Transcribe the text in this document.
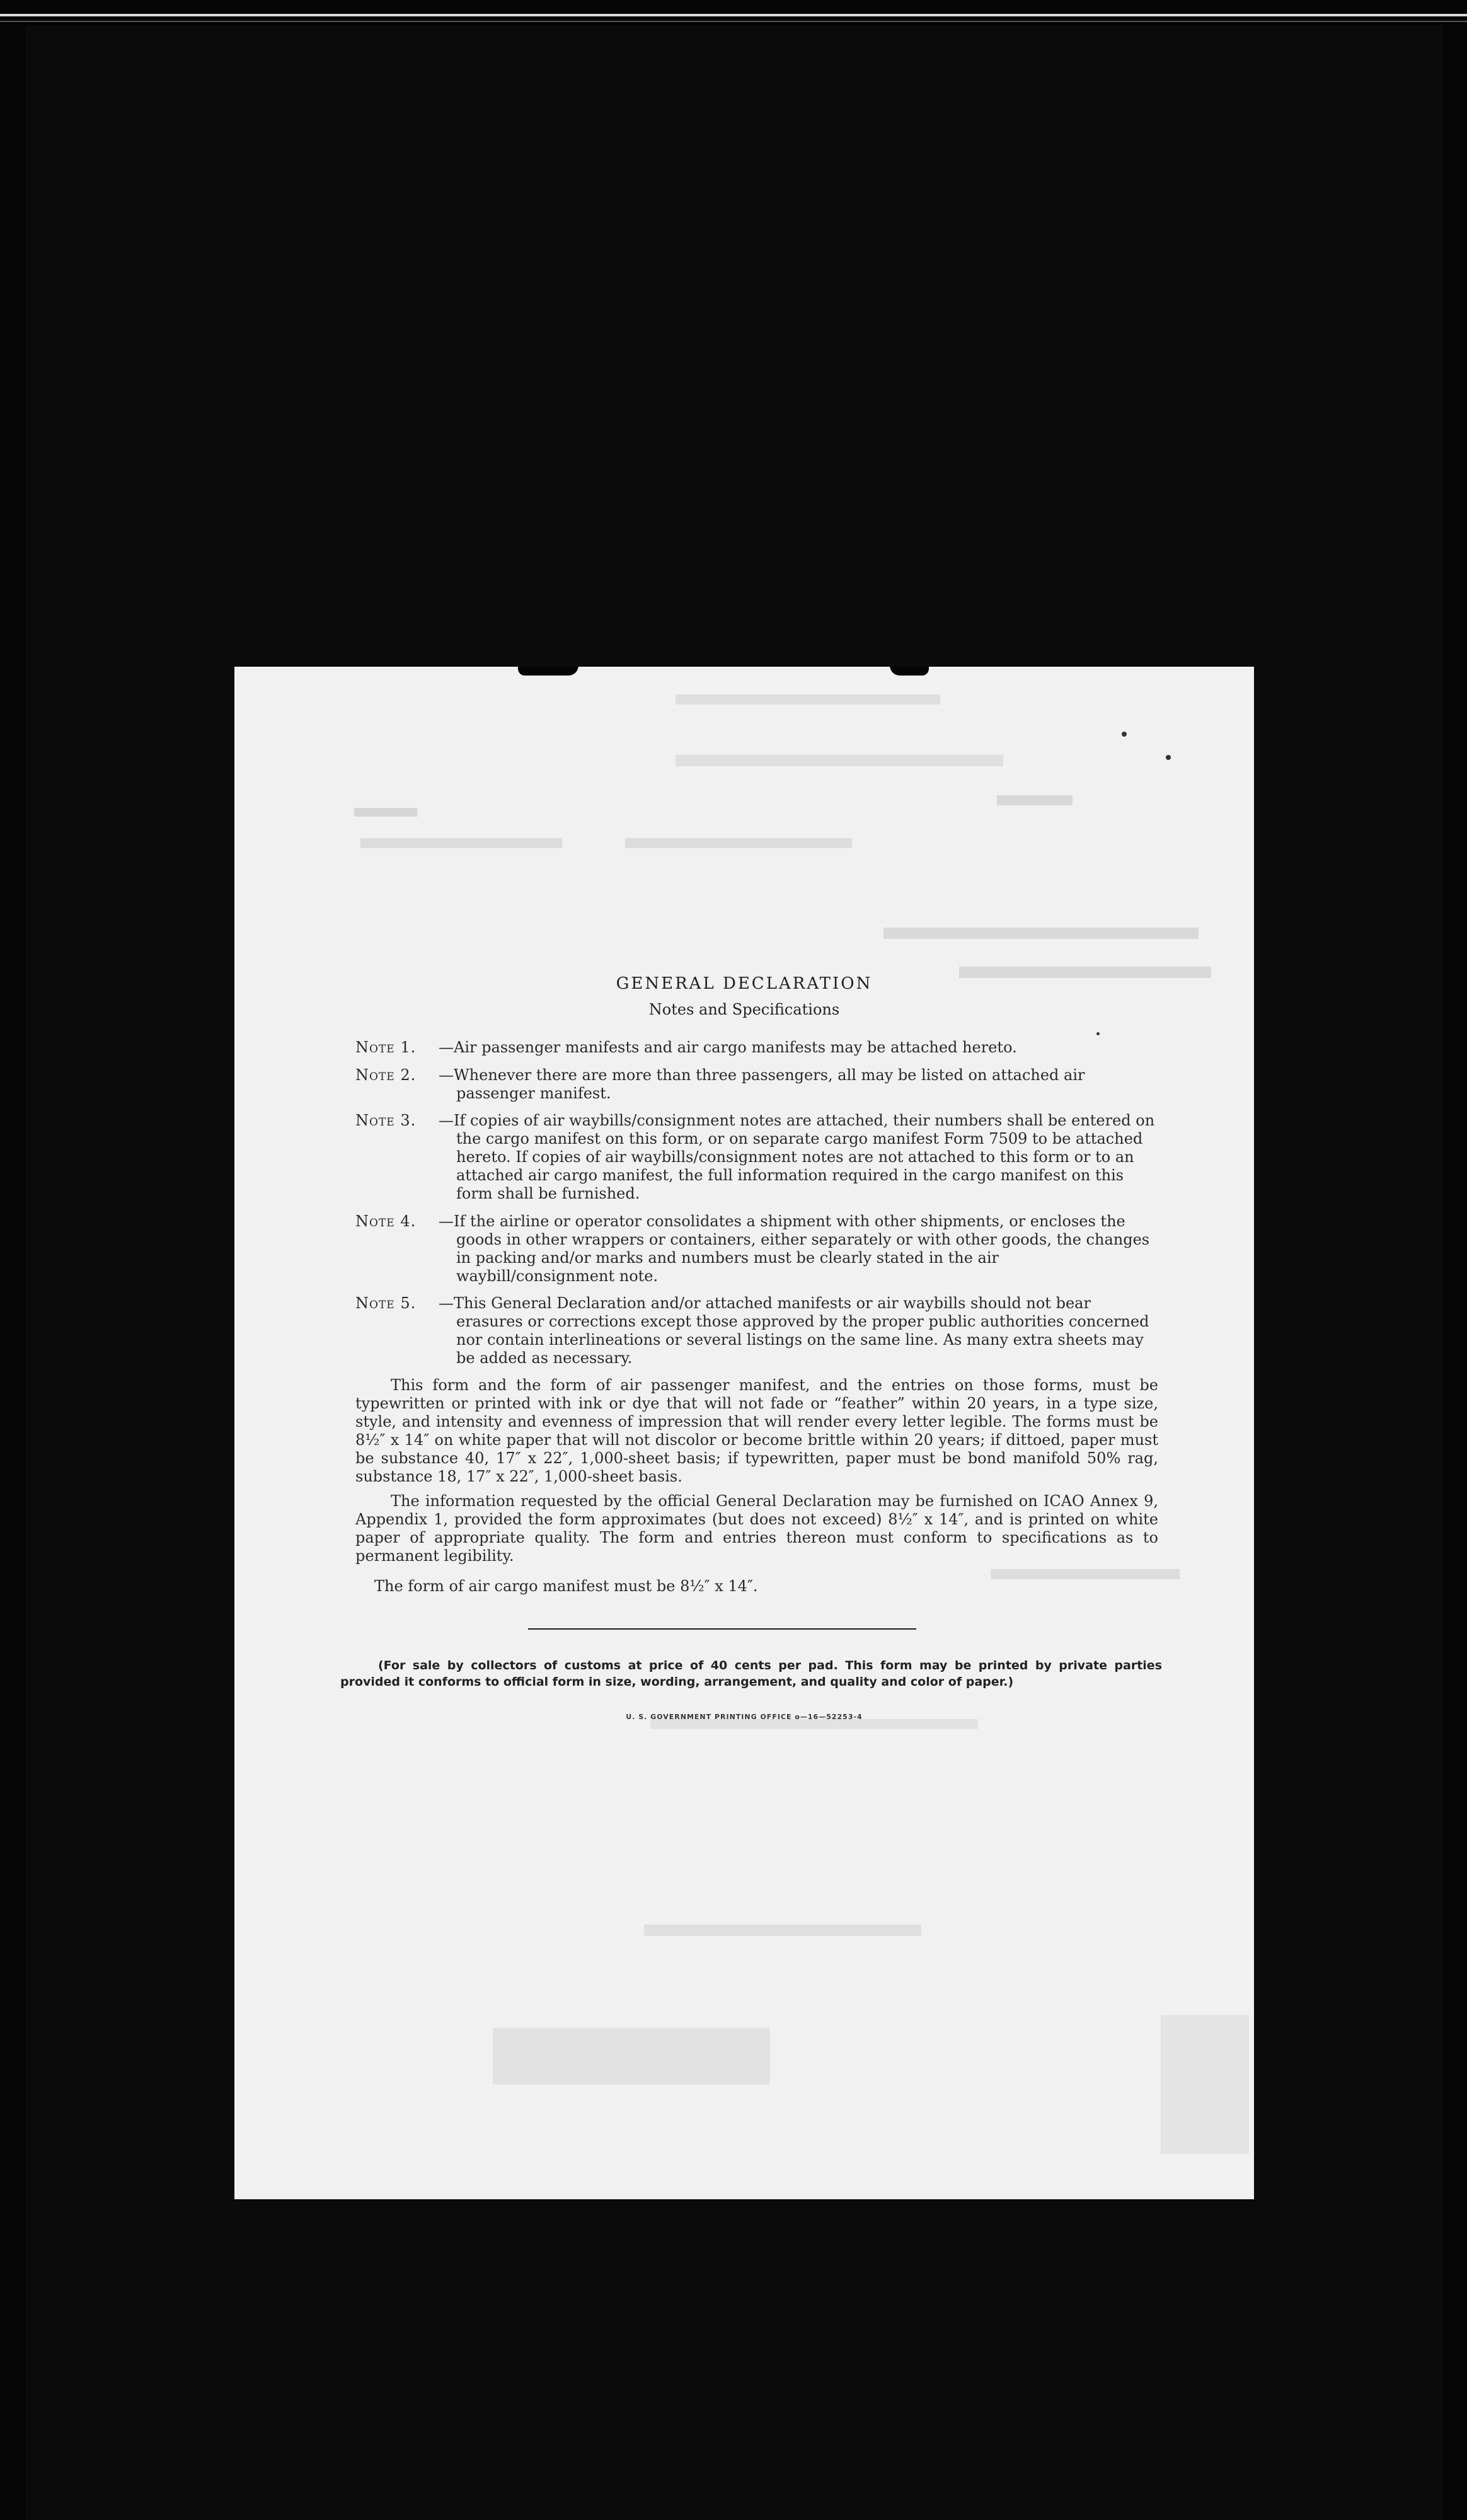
GENERAL DECLARATION
Notes and Specifications
Note 1.	—Air passenger manifests and air cargo manifests may be attached hereto.
Note 2.	—Whenever there are more than three passengers, all may be listed on attached air passenger manifest.
Note 3.	—If copies of air waybills/consignment notes are attached, their numbers shall be entered on the cargo manifest on this form, or on separate cargo manifest Form 7509 to be attached hereto. If copies of air waybills/consignment notes are not attached to this form or to an attached air cargo manifest, the full information required in the cargo manifest on this form shall be furnished.
Note 4.	—If the airline or operator consolidates a shipment with other shipments, or encloses the goods in other wrappers or containers, either separately or with other goods, the changes in packing and/or marks and numbers must be clearly stated in the air waybill/consignment note.
Note 5.	—This General Declaration and/or attached manifests or air waybills should not bear erasures or corrections except those approved by the proper public authorities concerned nor contain interlineations or several listings on the same line. As many extra sheets may be added as necessary.
This form and the form of air passenger manifest, and the entries on those forms, must be typewritten or printed with ink or dye that will not fade or “feather” within 20 years, in a type size, style, and intensity and evenness of impression that will render every letter legible. The forms must be 8½″ x 14″ on white paper that will not discolor or become brittle within 20 years; if dittoed, paper must be substance 40, 17″ x 22″, 1,000-sheet basis; if typewritten, paper must be bond manifold 50% rag, substance 18, 17″ x 22″, 1,000-sheet basis.
The information requested by the official General Declaration may be furnished on ICAO Annex 9, Appendix 1, provided the form approximates (but does not exceed) 8½″ x 14″, and is printed on white paper of appropriate quality. The form and entries thereon must conform to specifications as to permanent legibility.
The form of air cargo manifest must be 8½″ x 14″.
(For sale by collectors of customs at price of 40 cents per pad. This form may be printed by private parties provided it conforms to official form in size, wording, arrangement, and quality and color of paper.)
U. S. GOVERNMENT PRINTING OFFICE o—16—52253-4
